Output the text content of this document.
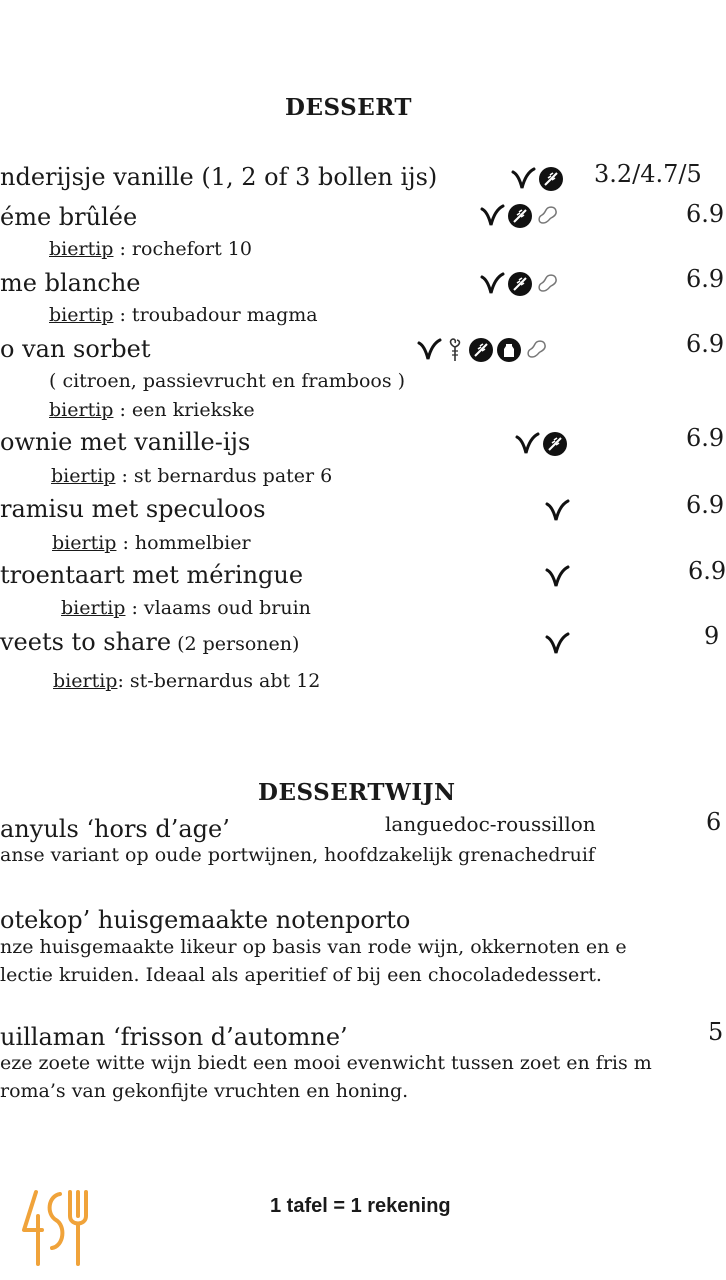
DESSERT
nderijsje vanille (1, 2 of 3 bollen ijs)	3.2/4.7/5
éme brûlée	6.9
biertip : rochefort 10
me blanche	6.9
biertip : troubadour magma
o van sorbet	6.9
( citroen, passievrucht en framboos )
biertip : een kriekske
ownie met vanille-ijs	6.9
biertip : st bernardus pater 6
ramisu met speculoos	6.9
biertip : hommelbier
troentaart met méringue	6.9
biertip : vlaams oud bruin
veets to share (2 personen)	9
biertip: st-bernardus abt 12
DESSERTWIJN
anyuls ‘hors d’age’	languedoc-roussillon	6
anse variant op oude portwijnen, hoofdzakelijk grenachedruif
otekop’ huisgemaakte notenporto
nze huisgemaakte likeur op basis van rode wijn, okkernoten en e
lectie kruiden. Ideaal als aperitief of bij een chocoladedessert.
uillaman ‘frisson d’automne’	5
eze zoete witte wijn biedt een mooi evenwicht tussen zoet en fris m
roma’s van gekonfijte vruchten en honing.
1 tafel = 1 rekening
